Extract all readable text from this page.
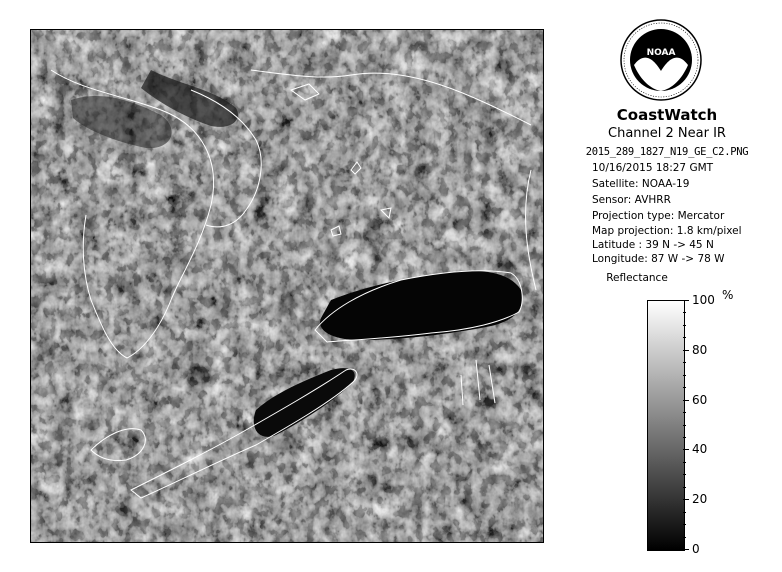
NOAA
CoastWatch
Channel 2 Near IR
2015_289_1827_N19_GE_C2.PNG
10/16/2015 18:27 GMT
Satellite: NOAA-19
Sensor: AVHRR
Projection type: Mercator
Map projection: 1.8 km/pixel
Latitude : 39 N -> 45 N
Longitude: 87 W -> 78 W
Reflectance
%
100
80
60
40
20
0
